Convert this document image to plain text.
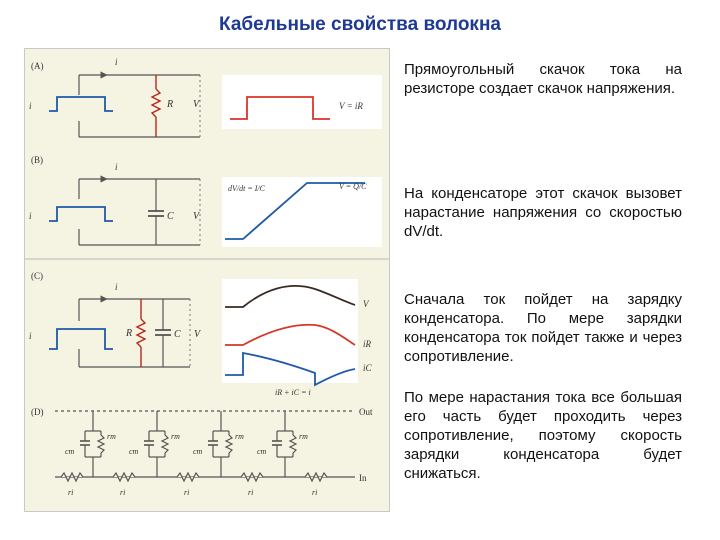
Кабельные свойства волокна
(A)	i
i	R V	V = iR
(B)
i
i	C V
dV/dt = I/C	V = Q/C
(C)
i
i	R	C V
V
iR
iC
iR + iC = i
(D)	Out
In
rm
cm
rm
cm
rm
cm
rm
cm
ri	ri	ri	ri
ri

Прямоугольный скачок тока на резисторе создает скачок напряжения.

На конденсаторе этот скачок вызовет нарастание напряжения со скоростью dV/dt.

Сначала ток пойдет на зарядку конденсатора. По мере зарядки конденсатора ток пойдет также и через сопротивление.

По мере нарастания тока все большая его часть будет проходить через сопротивление, поэтому скорость зарядки конденсатора будет снижаться.
